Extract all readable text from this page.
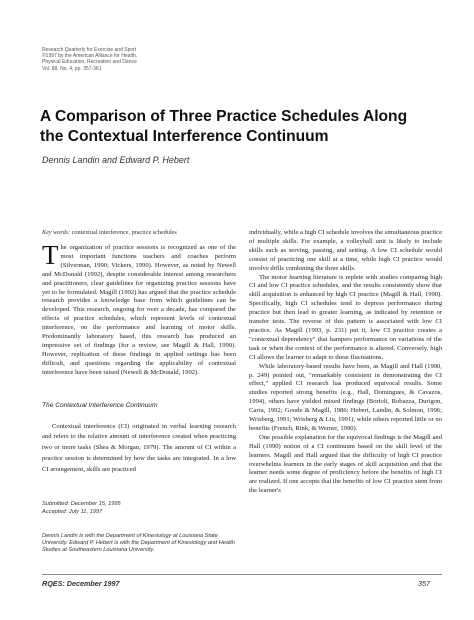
Research Quarterly for Exercise and Sport
©1997 by the American Alliance for Health,
Physical Education, Recreation and Dance
Vol. 68, No. 4, pp. 357-361
A Comparison of Three Practice Schedules Along
the Contextual Interference Continuum
Dennis Landin and Edward P. Hebert
Key words: contextual interference, practice schedules

The organization of practice sessions is recognized as one of the most important functions teachers and coaches perform (Silverman, 1990; Vickers, 1990). However, as noted by Newell and McDonald (1992), despite considerable interest among researchers and practitioners, clear guidelines for organizing practice sessions have yet to be formulated. Magill (1992) has argued that the practice schedule research provides a knowledge base from which guidelines can be developed. This research, ongoing for over a decade, has compared the effects of practice schedules, which represent levels of contextual interference, on the performance and learning of motor skills. Predominantly laboratory based, this research has produced an impressive set of findings (for a review, see Magill & Hall, 1990). However, replication of these findings in applied settings has been difficult, and questions regarding the applicability of contextual interference have been raised (Newell & McDonald, 1992).

The Contextual Interference Continuum

Contextual interference (CI) originated in verbal learning research and refers to the relative amount of interference created when practicing two or more tasks (Shea & Morgan, 1979). The amount of CI within a practice session is determined by how the tasks are integrated. In a low CI arrangement, skills are practiced

Submitted: December 15, 1995
Accepted: July 11, 1997
Dennis Landin is with the Department of Kinesiology at Louisiana State University. Edward P. Hebert is with the Department of Kinesiology and Health Studies at Southeastern Louisiana University.

individually, while a high CI schedule involves the simultaneous practice of multiple skills. For example, a volleyball unit is likely to include skills such as serving, passing, and setting. A low CI schedule would consist of practicing one skill at a time, while high CI practice would involve drills combining the three skills.

The motor learning literature is replete with studies comparing high CI and low CI practice schedules, and the results consistently show that skill acquisition is enhanced by high CI practice (Magill & Hall, 1990). Specifically, high CI schedules tend to depress performance during practice but then lead to greater learning, as indicated by retention or transfer tests. The reverse of this pattern is associated with low CI practice. As Magill (1993, p. 231) put it, low CI practice creates a "contextual dependency" that hampers performance on variations of the task or when the context of the performance is altered. Conversely, high CI allows the learner to adapt to these fluctuations.

While laboratory-based results have been, as Magill and Hall (1990, p. 249) pointed out, "remarkably consistent in demonstrating the CI effect," applied CI research has produced equivocal results. Some studies reported strong benefits (e.g., Hall, Domingues, & Cavazos, 1994), others have yielded mixed findings (Bortoli, Robazza, Durigon, Carra, 1992; Goode & Magill, 1986; Hebert, Landin, & Solmon, 1996; Wrisberg, 1991; Wrisberg & Liu, 1991), while others reported little or no benefits (French, Rink, & Werner, 1990).

One possible explanation for the equivocal findings is the Magill and Hall (1990) notion of a CI continuum based on the skill level of the learners. Magill and Hall argued that the difficulty of high CI practice overwhelms learners in the early stages of skill acquisition and that the learner needs some degree of proficiency before the benefits of high CI are realized. If one accepts that the benefits of low CI practice stem from the learner's

RQES: December 1997	357
